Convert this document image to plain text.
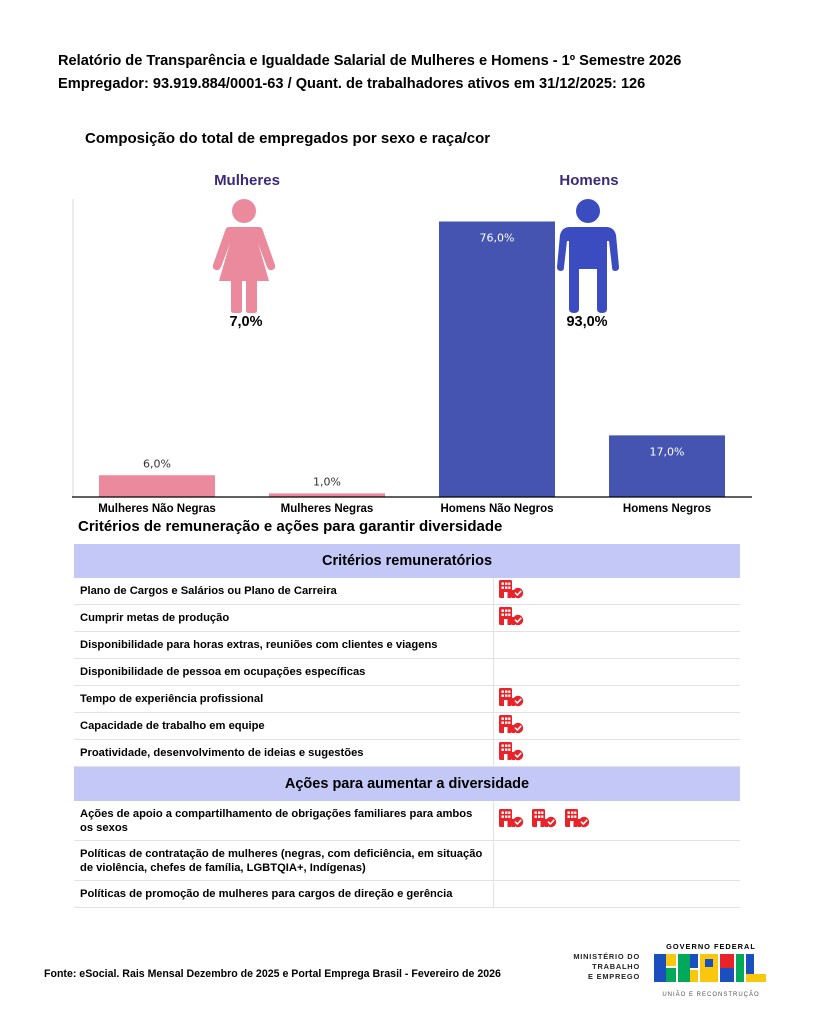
Relatório de Transparência e Igualdade Salarial de Mulheres e Homens - 1º Semestre 2026
Empregador: 93.919.884/0001-63 / Quant. de trabalhadores ativos em 31/12/2025: 126
Composição do total de empregados por sexo e raça/cor
Mulheres	Homens
7,0%	93,0%
6,0%
Mulheres Não Negras
1,0%
Mulheres Negras
76,0%
Homens Não Negros
17,0%
Homens Negros
Critérios de remuneração e ações para garantir diversidade
Critérios remuneratórios
Plano de Cargos e Salários ou Plano de Carreira
Cumprir metas de produção
Disponibilidade para horas extras, reuniões com clientes e viagens
Disponibilidade de pessoa em ocupações específicas
Tempo de experiência profissional
Capacidade de trabalho em equipe
Proatividade, desenvolvimento de ideias e sugestões
Ações para aumentar a diversidade
Ações de apoio a compartilhamento de obrigações familiares para ambos os sexos
Políticas de contratação de mulheres (negras, com deficiência, em situação de violência, chefes de família, LGBTQIA+, Indígenas)
Políticas de promoção de mulheres para cargos de direção e gerência
Fonte: eSocial. Rais Mensal Dezembro de 2025 e Portal Emprega Brasil - Fevereiro de 2026
MINISTÉRIO DO
TRABALHO
E EMPREGO
GOVERNO FEDERAL
UNIÃO E RECONSTRUÇÃO
